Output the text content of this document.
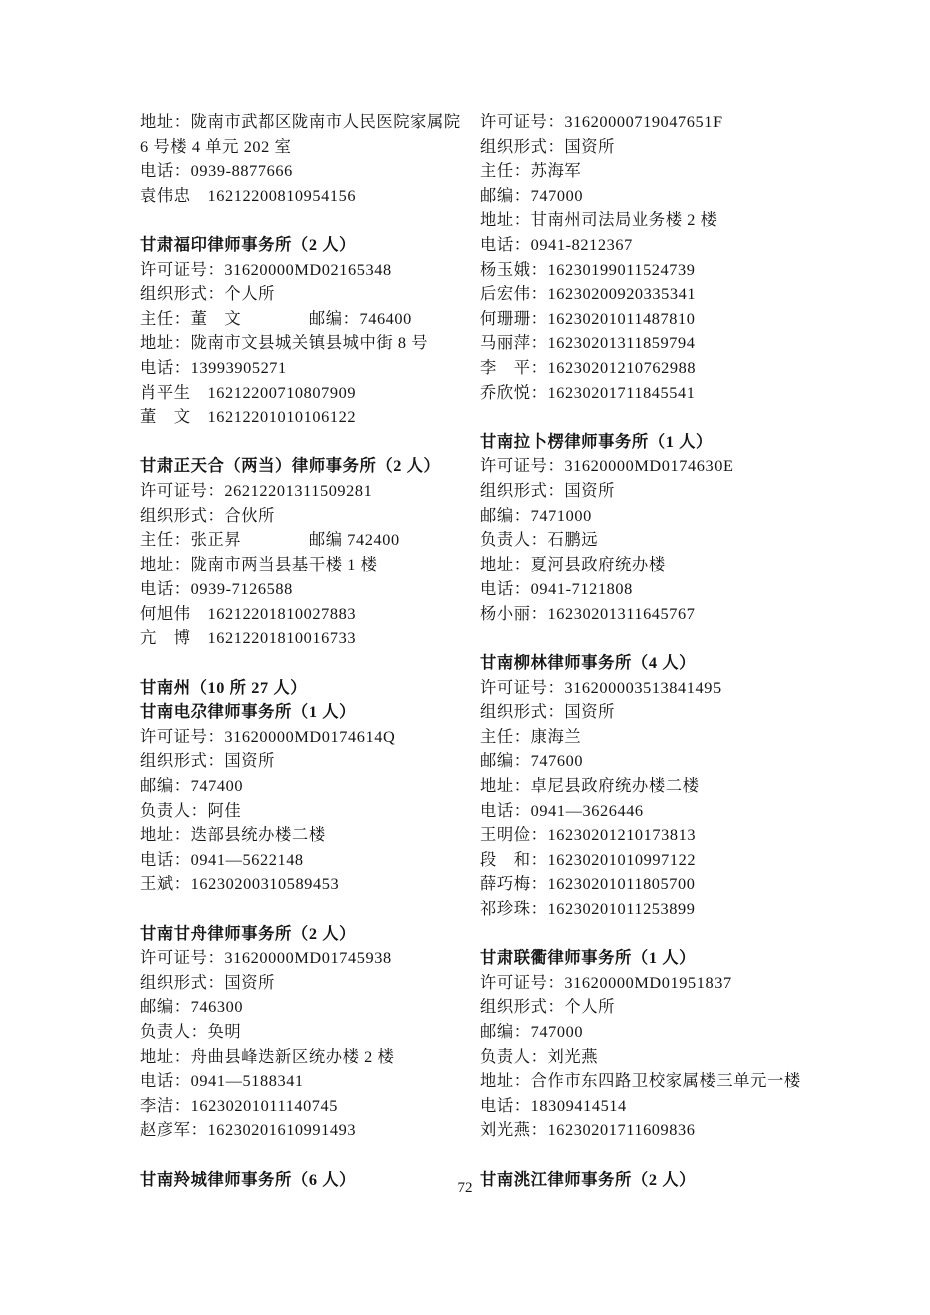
地址：陇南市武都区陇南市人民医院家属院
6 号楼 4 单元 202 室
电话：0939-8877666
袁伟忠　16212200810954156
甘肃福印律师事务所（2 人）
许可证号：31620000MD02165348
组织形式：个人所
主任：董　文　　　　邮编：746400
地址：陇南市文县城关镇县城中街 8 号
电话：13993905271
肖平生　16212200710807909
董　文　16212201010106122
甘肃正天合（两当）律师事务所（2 人）
许可证号：26212201311509281
组织形式：合伙所
主任：张正昇　　　　邮编 742400
地址：陇南市两当县基干楼 1 楼
电话：0939-7126588
何旭伟　16212201810027883
亢　博　16212201810016733
甘南州（10 所 27 人）
甘南电尕律师事务所（1 人）
许可证号：31620000MD0174614Q
组织形式：国资所
邮编：747400
负责人：阿佳
地址：迭部县统办楼二楼
电话：0941—5622148
王斌：16230200310589453
甘南甘舟律师事务所（2 人）
许可证号：31620000MD01745938
组织形式：国资所
邮编：746300
负责人：奂明
地址：舟曲县峰迭新区统办楼 2 楼
电话：0941—5188341
李洁：16230201011140745
赵彦军：16230201610991493
甘南羚城律师事务所（6 人）
许可证号：31620000719047651F
组织形式：国资所
主任：苏海军
邮编：747000
地址：甘南州司法局业务楼 2 楼
电话：0941-8212367
杨玉娥：16230199011524739
后宏伟：16230200920335341
何珊珊：16230201011487810
马丽萍：16230201311859794
李　平：16230201210762988
乔欣悦：16230201711845541
甘南拉卜楞律师事务所（1 人）
许可证号：31620000MD0174630E
组织形式：国资所
邮编：7471000
负责人：石鹏远
地址：夏河县政府统办楼
电话：0941-7121808
杨小丽：16230201311645767
甘南柳林律师事务所（4 人）
许可证号：316200003513841495
组织形式：国资所
主任：康海兰
邮编：747600
地址：卓尼县政府统办楼二楼
电话：0941—3626446
王明俭：16230201210173813
段　和：16230201010997122
薛巧梅：16230201011805700
祁珍珠：16230201011253899
甘肃联衢律师事务所（1 人）
许可证号：31620000MD01951837
组织形式：个人所
邮编：747000
负责人：刘光燕
地址：合作市东四路卫校家属楼三单元一楼
电话：18309414514
刘光燕：16230201711609836
甘南洮江律师事务所（2 人）
72
